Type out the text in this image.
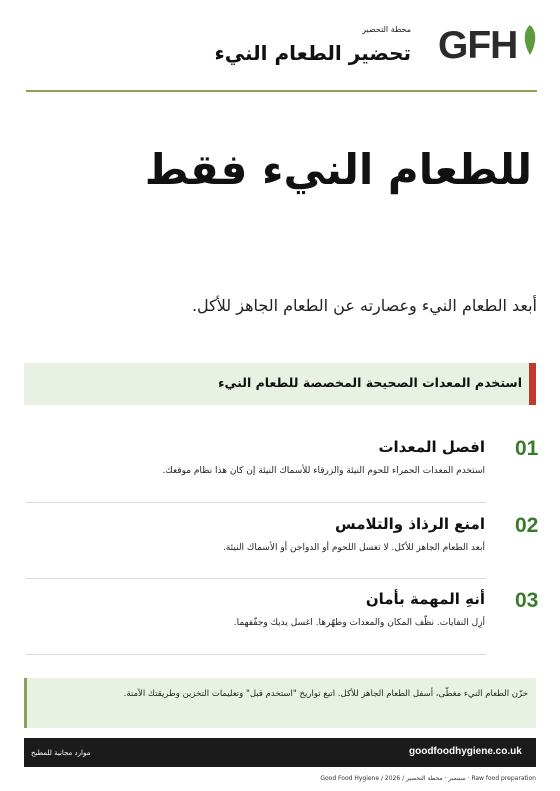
GFH
محطة التحضير
تحضير الطعام النيء
للطعام النيء فقط
أبعد الطعام النيء وعصارته عن الطعام الجاهز للأكل.
استخدم المعدات الصحيحة المخصصة للطعام النيء
01
افصل المعدات
استخدم المعدات الحمراء للحوم النيئة والزرقاء للأسماك النيئة إن كان هذا نظام موقعك.
02
امنع الرذاذ والتلامس
أبعد الطعام الجاهز للأكل. لا تغسل اللحوم أو الدواجن أو الأسماك النيئة.
03
أنهِ المهمة بأمان
أزِل النفايات. نظّف المكان والمعدات وطهّرها. اغسل يديك وجفّفهما.
خزّن الطعام النيء مغطّى، أسفل الطعام الجاهز للأكل. اتبع تواريخ "استخدم قبل" وتعليمات التخزين وطريقتك الآمنة.
goodfoodhygiene.co.uk
موارد مجانية للمطبخ
Good Food Hygiene / 2026 / سبتمبر · محطة التحضير · Raw food preparation
